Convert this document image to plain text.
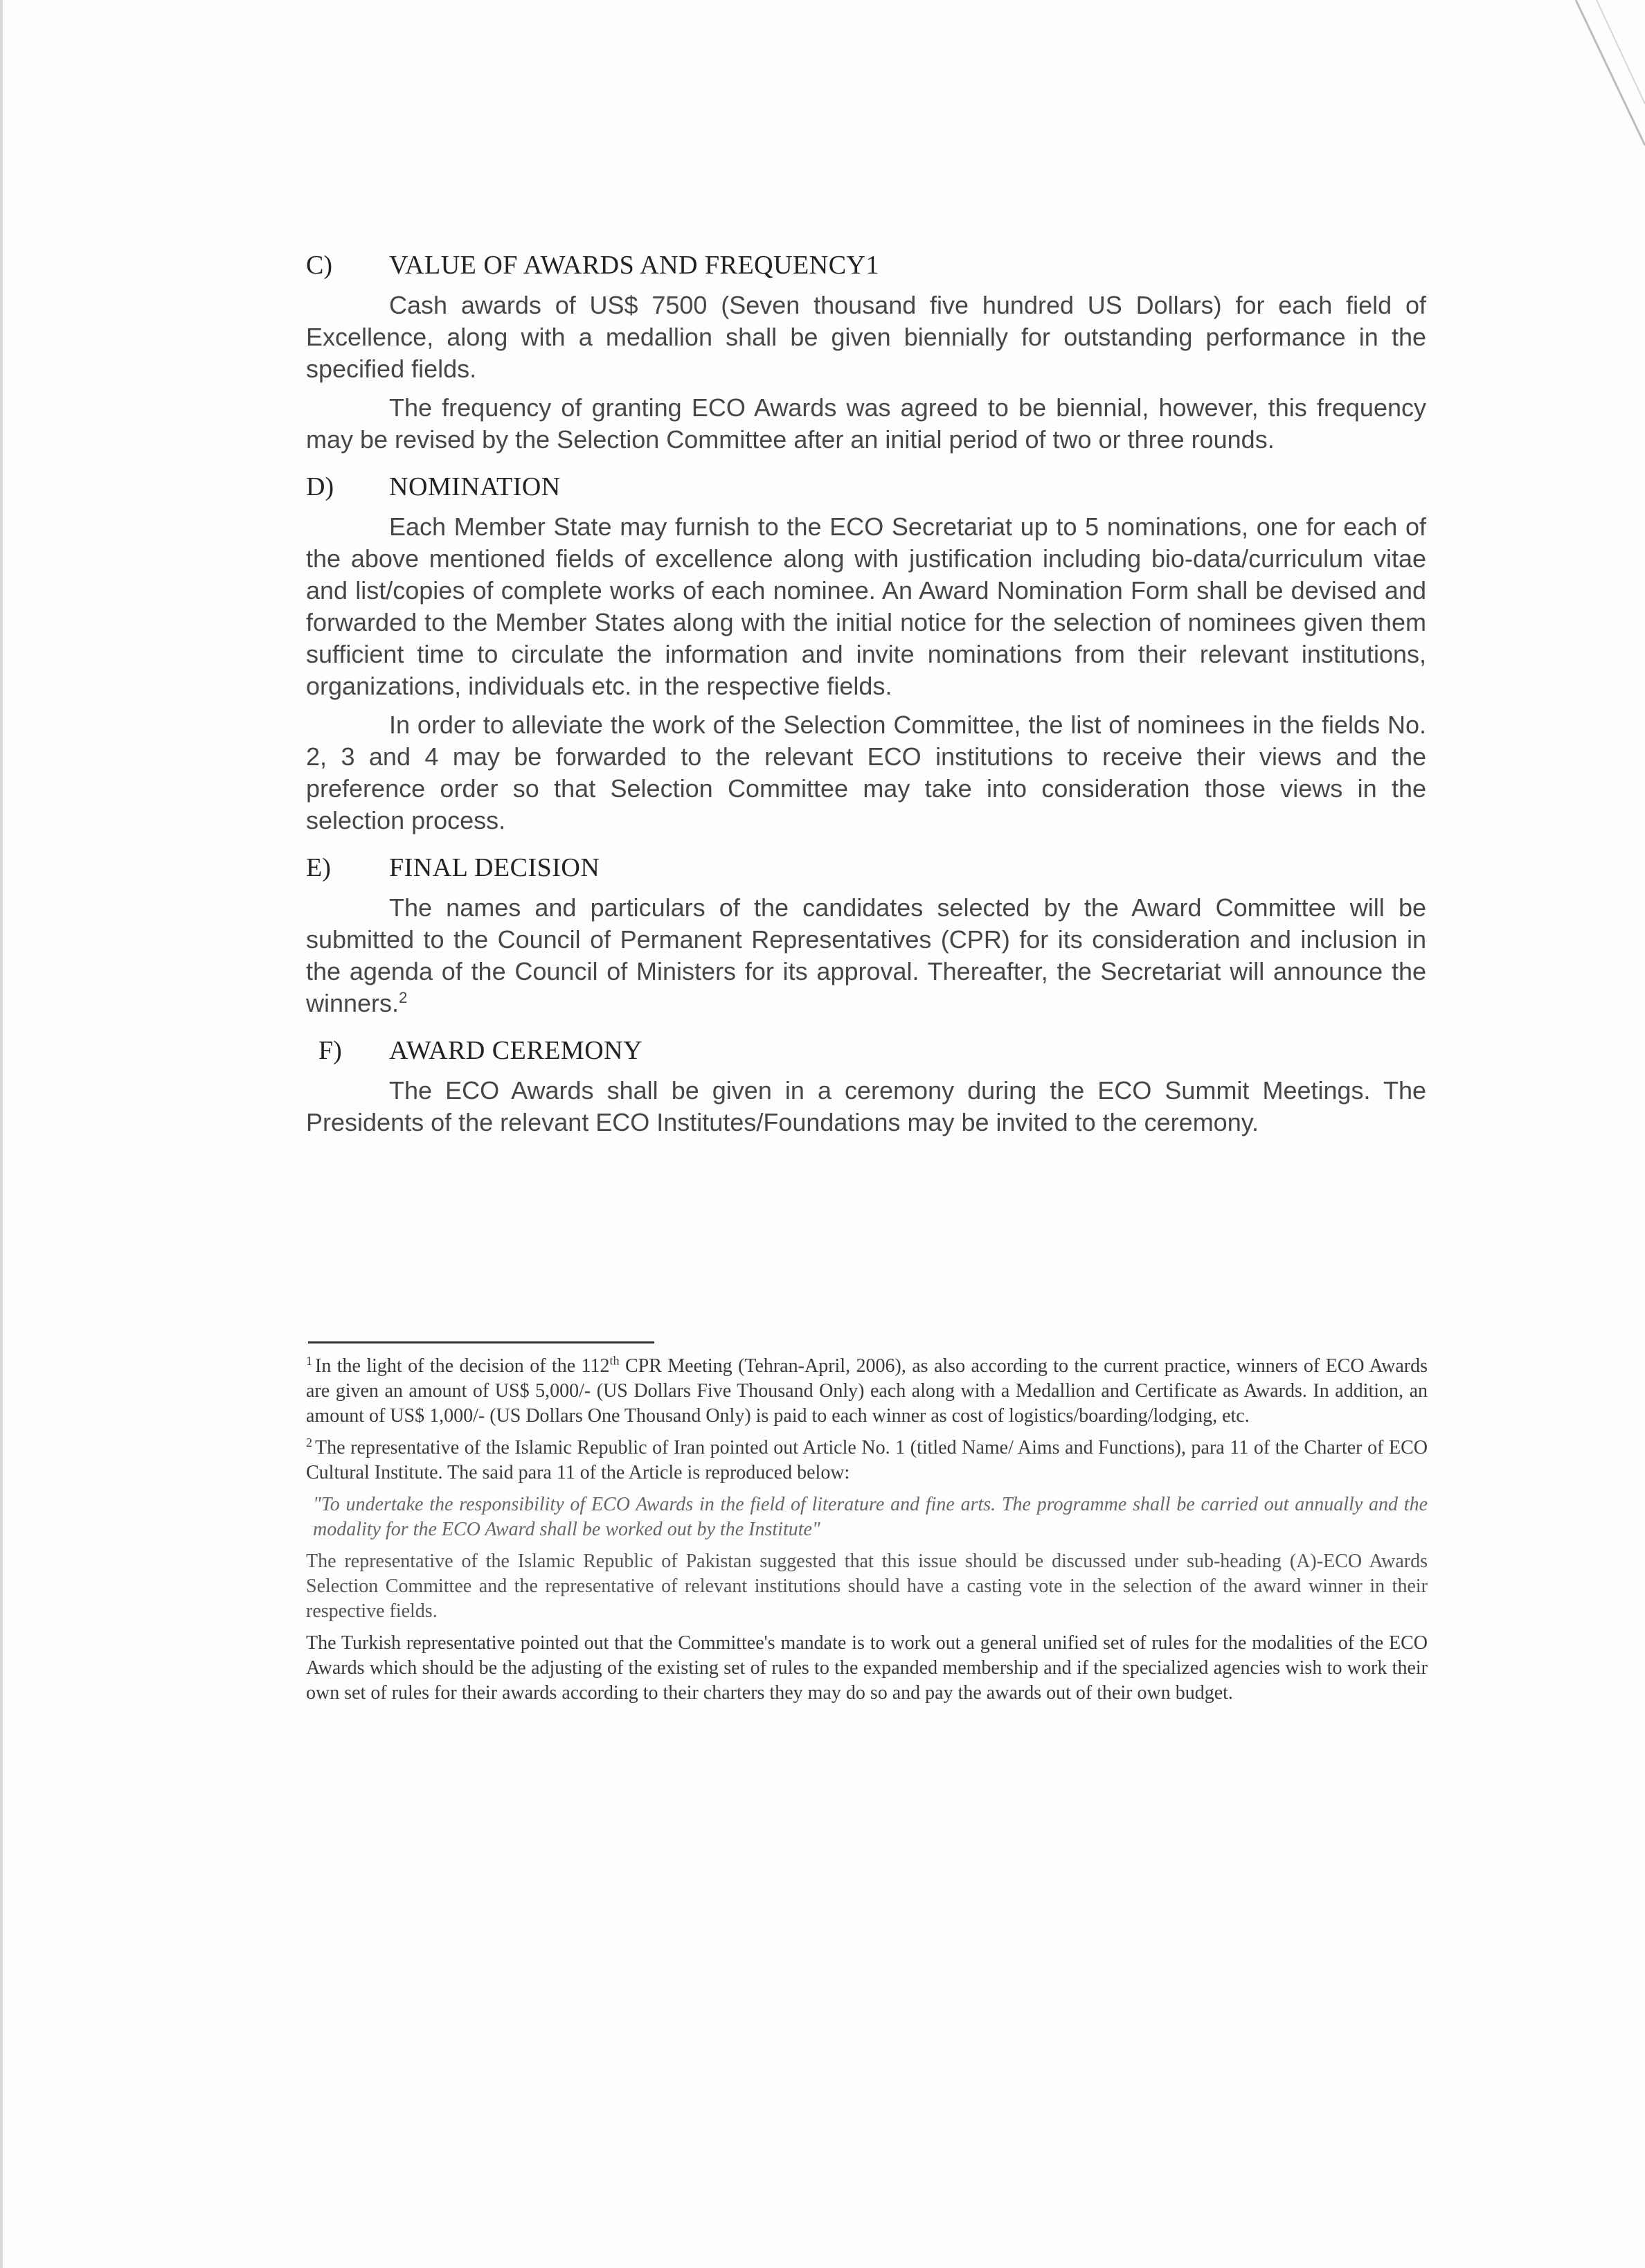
C)	VALUE OF AWARDS AND FREQUENCY1

Cash awards of US$ 7500 (Seven thousand five hundred US Dollars) for each field of Excellence, along with a medallion shall be given biennially for outstanding performance in the specified fields.

The frequency of granting ECO Awards was agreed to be biennial, however, this frequency may be revised by the Selection Committee after an initial period of two or three rounds.

D)	NOMINATION

Each Member State may furnish to the ECO Secretariat up to 5 nominations, one for each of the above mentioned fields of excellence along with justification including bio-data/curriculum vitae and list/copies of complete works of each nominee. An Award Nomination Form shall be devised and forwarded to the Member States along with the initial notice for the selection of nominees given them sufficient time to circulate the information and invite nominations from their relevant institutions, organizations, individuals etc. in the respective fields.

In order to alleviate the work of the Selection Committee, the list of nominees in the fields No. 2, 3 and 4 may be forwarded to the relevant ECO institutions to receive their views and the preference order so that Selection Committee may take into consideration those views in the selection process.

E)	FINAL DECISION

The names and particulars of the candidates selected by the Award Committee will be submitted to the Council of Permanent Representatives (CPR) for its consideration and inclusion in the agenda of the Council of Ministers for its approval. Thereafter, the Secretariat will announce the winners.$^2$

F)	AWARD CEREMONY

The ECO Awards shall be given in a ceremony during the ECO Summit Meetings. The Presidents of the relevant ECO Institutes/Foundations may be invited to the ceremony.

$^1$ In the light of the decision of the 112th CPR Meeting (Tehran-April, 2006), as also according to the current practice, winners of ECO Awards are given an amount of US$ 5,000/- (US Dollars Five Thousand Only) each along with a Medallion and Certificate as Awards. In addition, an amount of US$ 1,000/- (US Dollars One Thousand Only) is paid to each winner as cost of logistics/boarding/lodging, etc.

$^2$ The representative of the Islamic Republic of Iran pointed out Article No. 1 (titled Name/ Aims and Functions), para 11 of the Charter of ECO Cultural Institute. The said para 11 of the Article is reproduced below:

"To undertake the responsibility of ECO Awards in the field of literature and fine arts. The programme shall be carried out annually and the modality for the ECO Award shall be worked out by the Institute"

The representative of the Islamic Republic of Pakistan suggested that this issue should be discussed under sub-heading (A)-ECO Awards Selection Committee and the representative of relevant institutions should have a casting vote in the selection of the award winner in their respective fields.

The Turkish representative pointed out that the Committee's mandate is to work out a general unified set of rules for the modalities of the ECO Awards which should be the adjusting of the existing set of rules to the expanded membership and if the specialized agencies wish to work their own set of rules for their awards according to their charters they may do so and pay the awards out of their own budget.
